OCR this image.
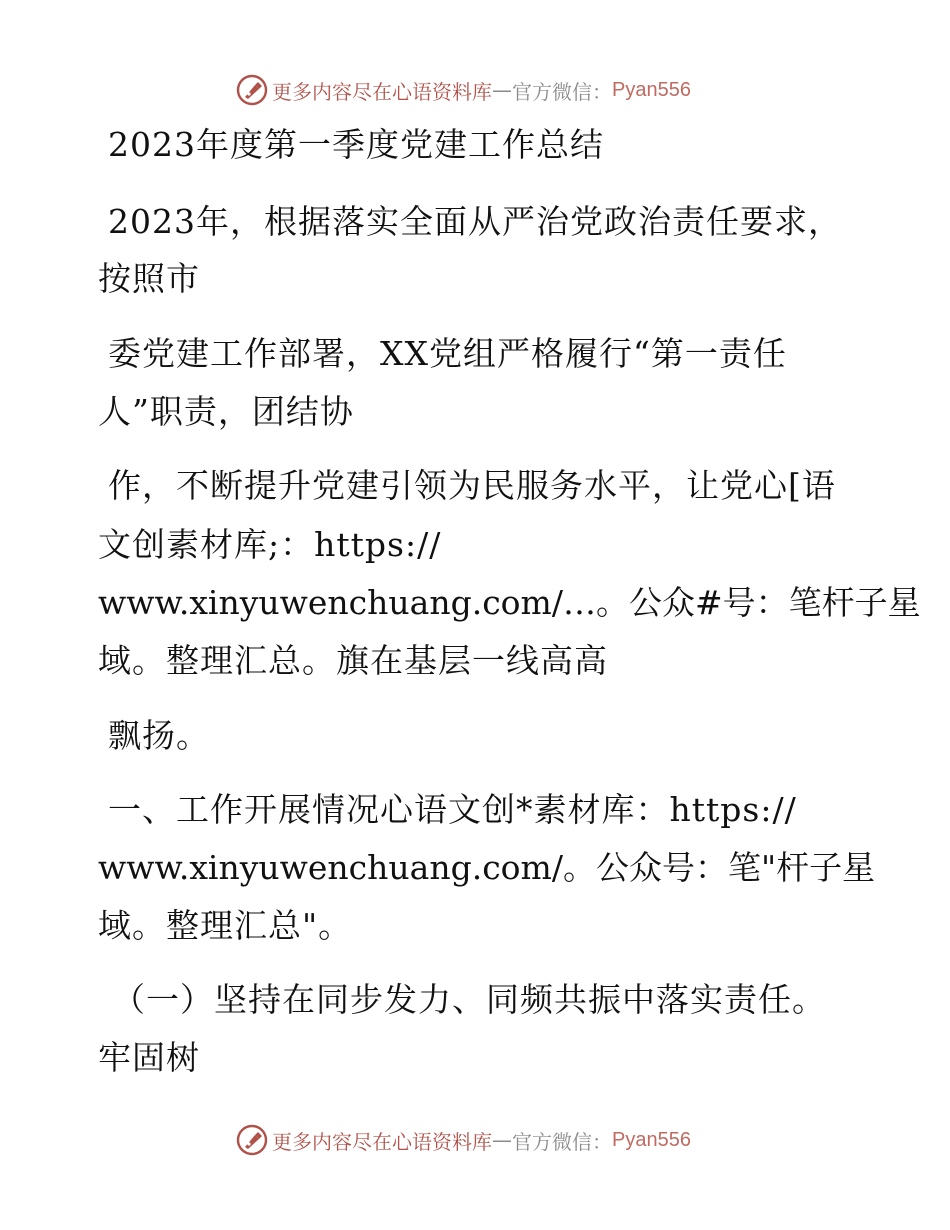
更多内容尽在心语资料库 — 官方微信： Pyan556

2023年度第一季度党建工作总结

2023年，根据落实全面从严治党政治责任要求，

按照市

委党建工作部署，XX党组严格履行“第一责任

人”职责，团结协

作，不断提升党建引领为民服务水平，让党心[语

文创素材库;：https://

www.xinyuwenchuang.com/…。公众#号：笔杆子星

域。整理汇总。旗在基层一线高高

飘扬。

一、工作开展情况心语文创*素材库：https://

www.xinyuwenchuang.com/。公众号：笔"杆子星

域。整理汇总"。

（一）坚持在同步发力、同频共振中落实责任。

牢固树

更多内容尽在心语资料库 — 官方微信： Pyan556
